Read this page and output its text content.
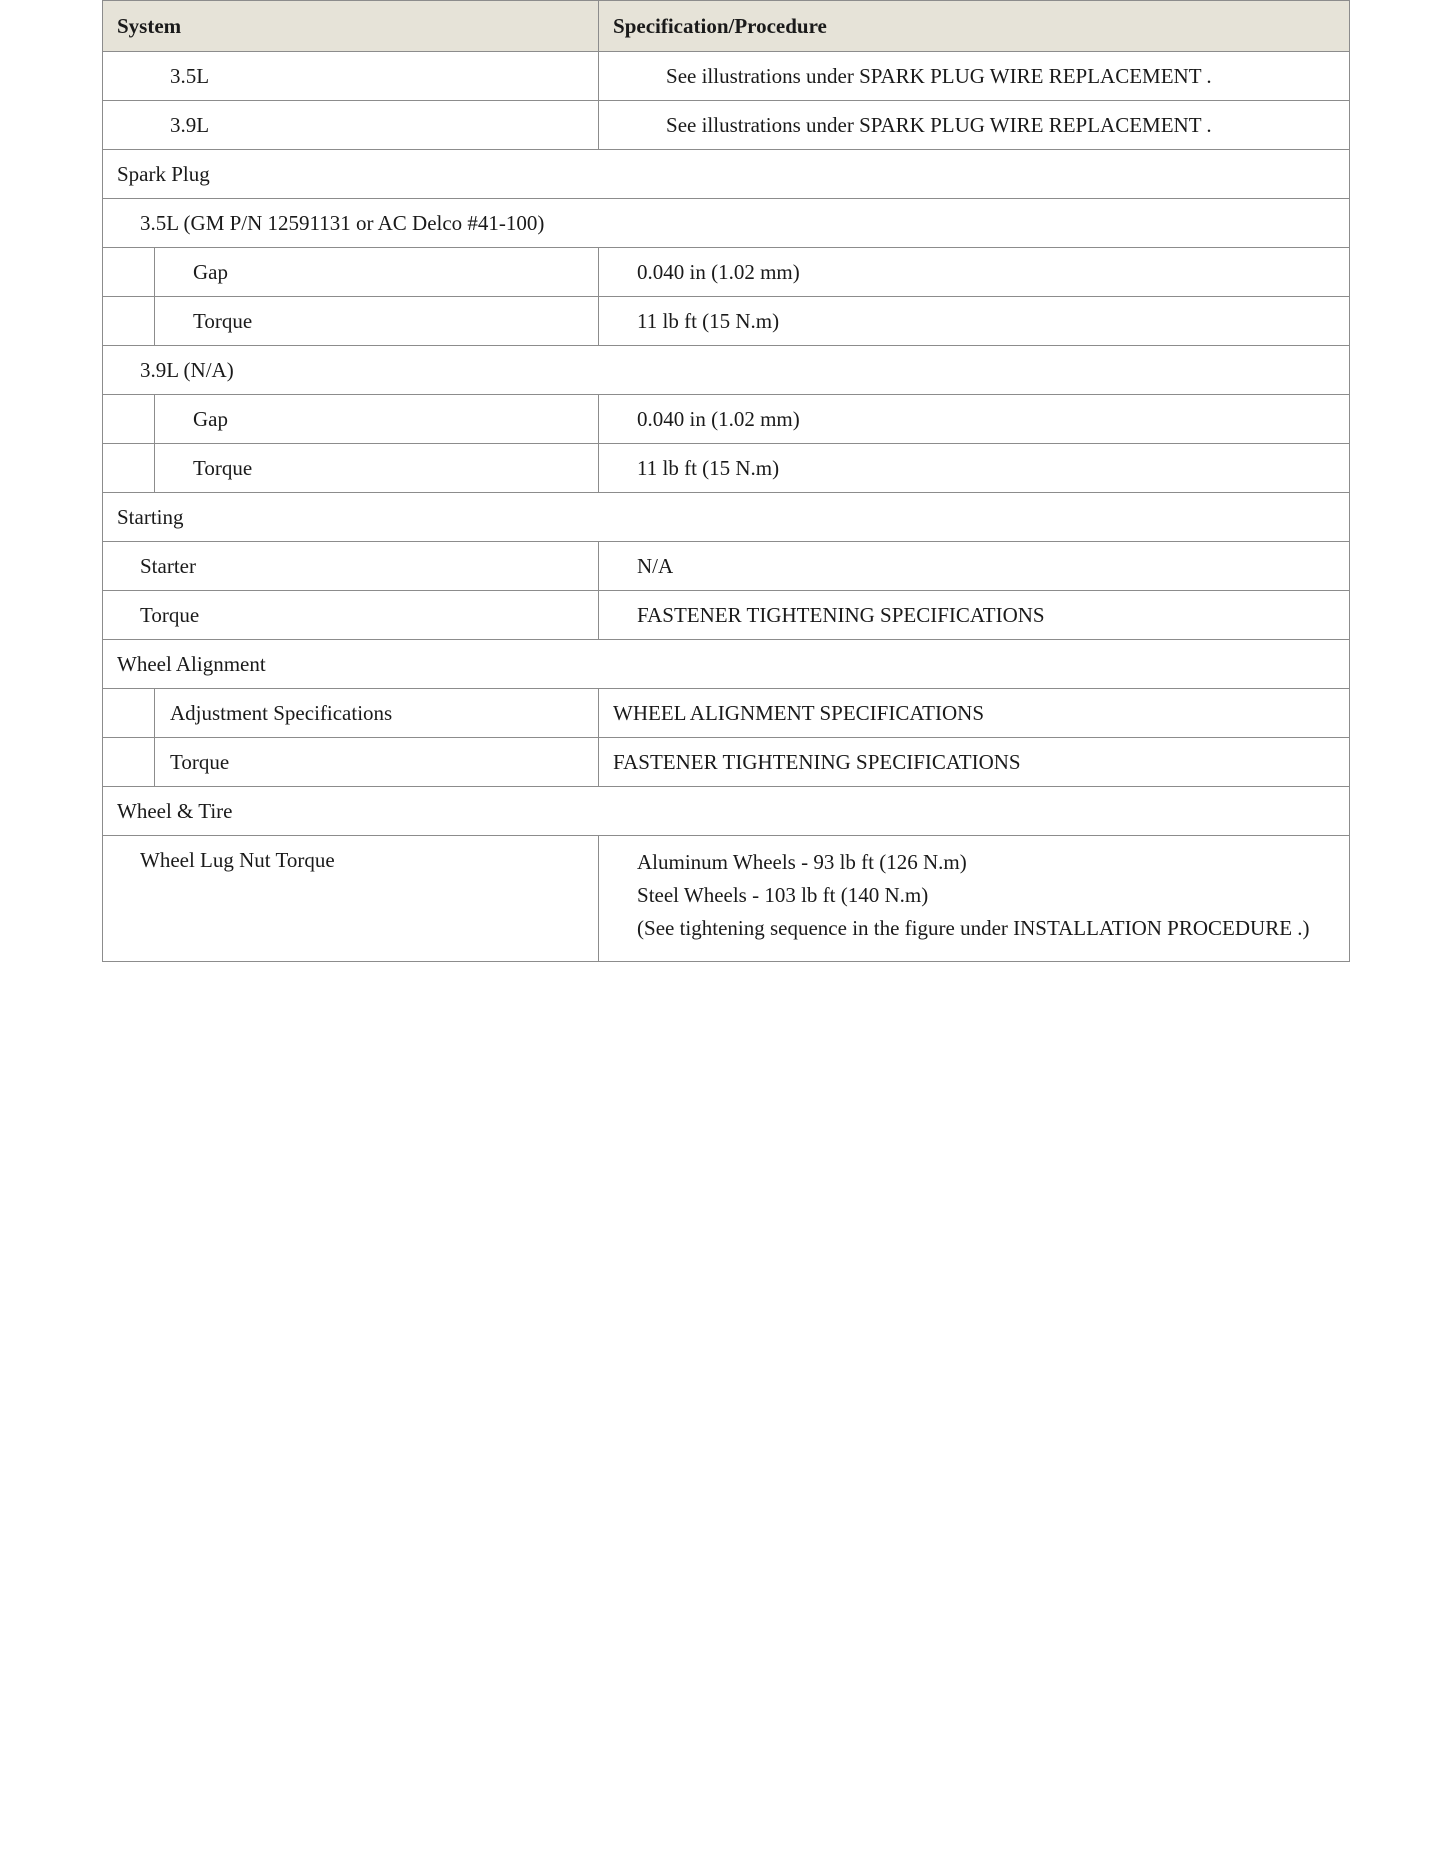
System		Specification/Procedure
3.5L		See illustrations under SPARK PLUG WIRE REPLACEMENT .
3.9L		See illustrations under SPARK PLUG WIRE REPLACEMENT .
Spark Plug		
3.5L (GM P/N 12591131 or AC Delco #41-100)		
	Gap	0.040 in (1.02 mm)
	Torque	11 lb ft (15 N.m)
3.9L (N/A)		
	Gap	0.040 in (1.02 mm)
	Torque	11 lb ft (15 N.m)
Starting		
Starter		N/A
Torque		FASTENER TIGHTENING SPECIFICATIONS
Wheel Alignment		
	Adjustment Specifications	WHEEL ALIGNMENT SPECIFICATIONS
	Torque	FASTENER TIGHTENING SPECIFICATIONS
Wheel & Tire		
Wheel Lug Nut Torque		Aluminum Wheels - 93 lb ft (126 N.m)
Steel Wheels - 103 lb ft (140 N.m)
(See tightening sequence in the figure under INSTALLATION PROCEDURE .)
